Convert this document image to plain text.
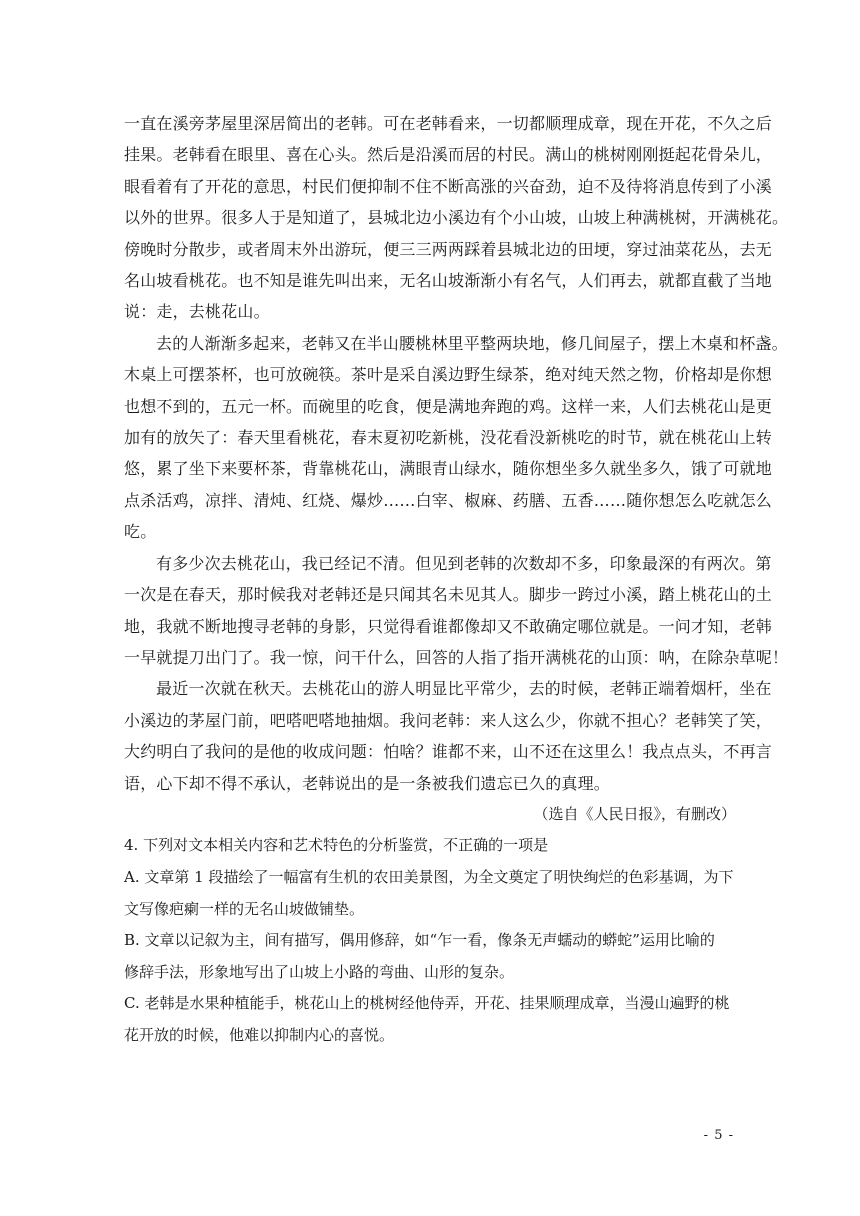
一直在溪旁茅屋里深居简出的老韩。可在老韩看来，一切都顺理成章，现在开花，不久之后
挂果。老韩看在眼里、喜在心头。然后是沿溪而居的村民。满山的桃树刚刚挺起花骨朵儿，
眼看着有了开花的意思，村民们便抑制不住不断高涨的兴奋劲，迫不及待将消息传到了小溪
以外的世界。很多人于是知道了，县城北边小溪边有个小山坡，山坡上种满桃树，开满桃花。
傍晚时分散步，或者周末外出游玩，便三三两两踩着县城北边的田埂，穿过油菜花丛，去无
名山坡看桃花。也不知是谁先叫出来，无名山坡渐渐小有名气，人们再去，就都直截了当地
说：走，去桃花山。

去的人渐渐多起来，老韩又在半山腰桃林里平整两块地，修几间屋子，摆上木桌和杯盏。
木桌上可摆茶杯，也可放碗筷。茶叶是采自溪边野生绿茶，绝对纯天然之物，价格却是你想
也想不到的，五元一杯。而碗里的吃食，便是满地奔跑的鸡。这样一来，人们去桃花山是更
加有的放矢了：春天里看桃花，春末夏初吃新桃，没花看没新桃吃的时节，就在桃花山上转
悠，累了坐下来要杯茶，背靠桃花山，满眼青山绿水，随你想坐多久就坐多久，饿了可就地
点杀活鸡，凉拌、清炖、红烧、爆炒……白宰、椒麻、药膳、五香……随你想怎么吃就怎么
吃。

有多少次去桃花山，我已经记不清。但见到老韩的次数却不多，印象最深的有两次。第
一次是在春天，那时候我对老韩还是只闻其名未见其人。脚步一跨过小溪，踏上桃花山的土
地，我就不断地搜寻老韩的身影，只觉得看谁都像却又不敢确定哪位就是。一问才知，老韩
一早就提刀出门了。我一惊，问干什么，回答的人指了指开满桃花的山顶：呐，在除杂草呢！

最近一次就在秋天。去桃花山的游人明显比平常少，去的时候，老韩正端着烟杆，坐在
小溪边的茅屋门前，吧嗒吧嗒地抽烟。我问老韩：来人这么少，你就不担心？老韩笑了笑，
大约明白了我问的是他的收成问题：怕啥？谁都不来，山不还在这里么！我点点头，不再言
语，心下却不得不承认，老韩说出的是一条被我们遗忘已久的真理。

（选自《人民日报》，有删改）

4. 下列对文本相关内容和艺术特色的分析鉴赏，不正确的一项是

A. 文章第 1 段描绘了一幅富有生机的农田美景图，为全文奠定了明快绚烂的色彩基调，为下
文写像疤瘌一样的无名山坡做铺垫。

B. 文章以记叙为主，间有描写，偶用修辞，如“乍一看，像条无声蠕动的蟒蛇”运用比喻的
修辞手法，形象地写出了山坡上小路的弯曲、山形的复杂。

C. 老韩是水果种植能手，桃花山上的桃树经他侍弄，开花、挂果顺理成章，当漫山遍野的桃
花开放的时候，他难以抑制内心的喜悦。

- 5 -
